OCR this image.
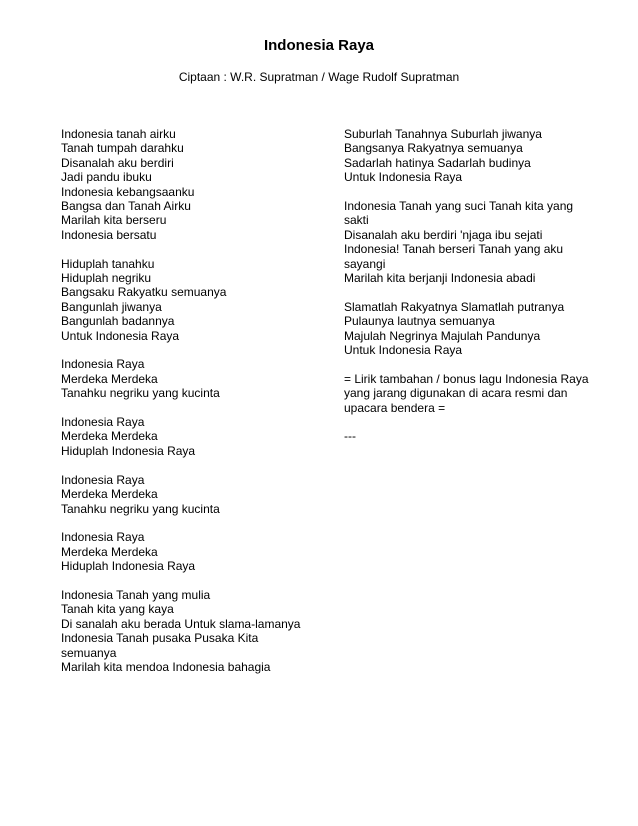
Indonesia Raya
Ciptaan : W.R. Supratman / Wage Rudolf Supratman
Indonesia tanah airku
Tanah tumpah darahku
Disanalah aku berdiri
Jadi pandu ibuku
Indonesia kebangsaanku
Bangsa dan Tanah Airku
Marilah kita berseru
Indonesia bersatu
Hiduplah tanahku
Hiduplah negriku
Bangsaku Rakyatku semuanya
Bangunlah jiwanya
Bangunlah badannya
Untuk Indonesia Raya
Indonesia Raya
Merdeka Merdeka
Tanahku negriku yang kucinta
Indonesia Raya
Merdeka Merdeka
Hiduplah Indonesia Raya
Indonesia Raya
Merdeka Merdeka
Tanahku negriku yang kucinta
Indonesia Raya
Merdeka Merdeka
Hiduplah Indonesia Raya
Indonesia Tanah yang mulia
Tanah kita yang kaya
Di sanalah aku berada Untuk slama-lamanya
Indonesia Tanah pusaka Pusaka Kita
semuanya
Marilah kita mendoa Indonesia bahagia
Suburlah Tanahnya Suburlah jiwanya
Bangsanya Rakyatnya semuanya
Sadarlah hatinya Sadarlah budinya
Untuk Indonesia Raya
Indonesia Tanah yang suci Tanah kita yang
sakti
Disanalah aku berdiri 'njaga ibu sejati
Indonesia! Tanah berseri Tanah yang aku
sayangi
Marilah kita berjanji Indonesia abadi
Slamatlah Rakyatnya Slamatlah putranya
Pulaunya lautnya semuanya
Majulah Negrinya Majulah Pandunya
Untuk Indonesia Raya
= Lirik tambahan / bonus lagu Indonesia Raya yang jarang digunakan di acara resmi dan upacara bendera =
---
